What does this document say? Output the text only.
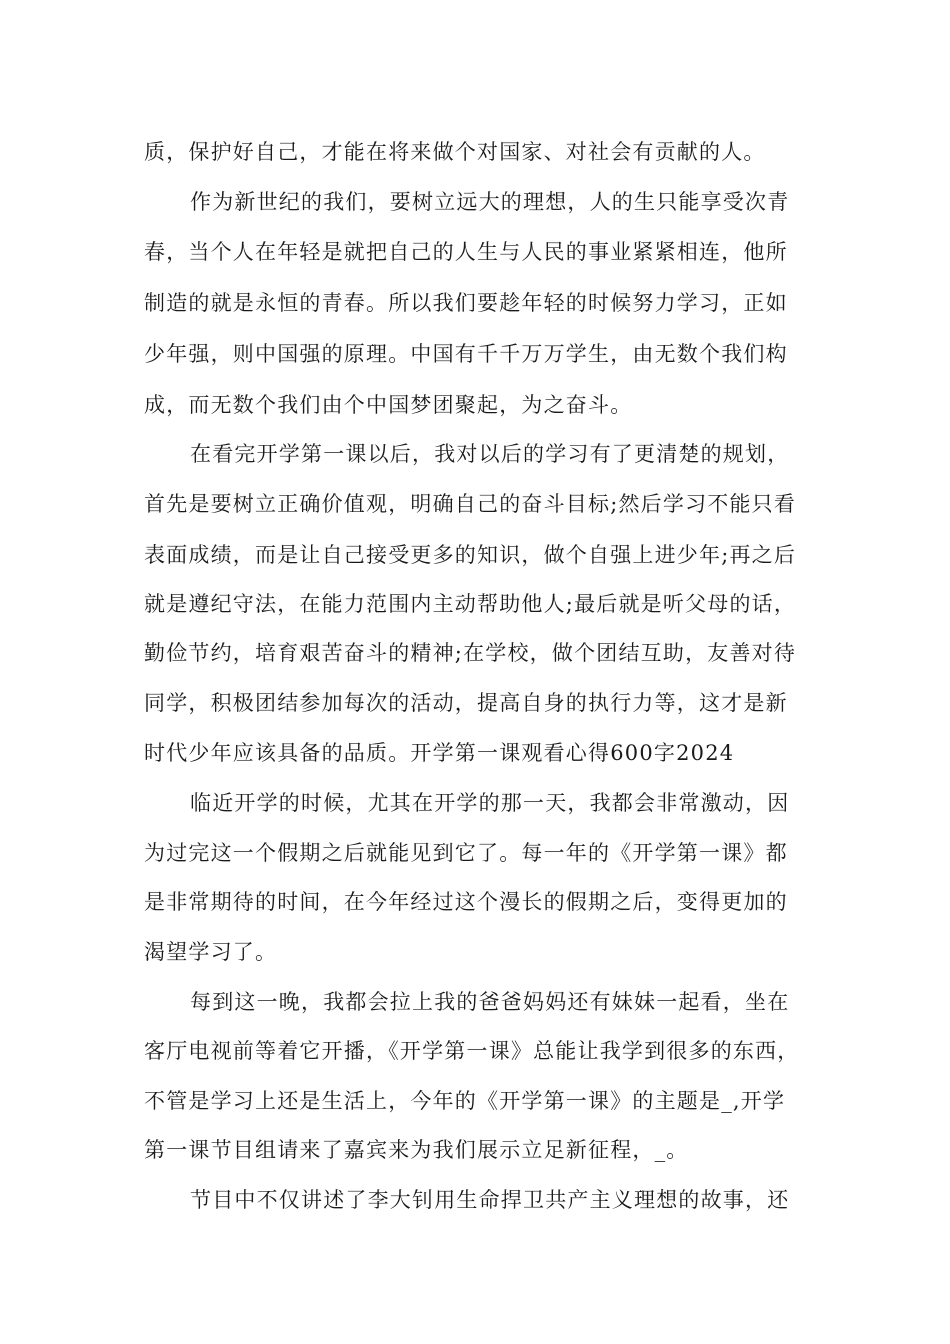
质，保护好自己，才能在将来做个对国家、对社会有贡献的人。
作为新世纪的我们，要树立远大的理想，人的生只能享受次青
春，当个人在年轻是就把自己的人生与人民的事业紧紧相连，他所
制造的就是永恒的青春。所以我们要趁年轻的时候努力学习，正如
少年强，则中国强的原理。中国有千千万万学生，由无数个我们构
成，而无数个我们由个中国梦团聚起，为之奋斗。
在看完开学第一课以后，我对以后的学习有了更清楚的规划，
首先是要树立正确价值观，明确自己的奋斗目标;然后学习不能只看
表面成绩，而是让自己接受更多的知识，做个自强上进少年;再之后
就是遵纪守法，在能力范围内主动帮助他人;最后就是听父母的话，
勤俭节约，培育艰苦奋斗的精神;在学校，做个团结互助，友善对待
同学，积极团结参加每次的活动，提高自身的执行力等，这才是新
时代少年应该具备的品质。开学第一课观看心得600字2024
临近开学的时候，尤其在开学的那一天，我都会非常激动，因
为过完这一个假期之后就能见到它了。每一年的《开学第一课》都
是非常期待的时间，在今年经过这个漫长的假期之后，变得更加的
渴望学习了。
每到这一晚，我都会拉上我的爸爸妈妈还有妹妹一起看，坐在
客厅电视前等着它开播，《开学第一课》总能让我学到很多的东西，
不管是学习上还是生活上，今年的《开学第一课》的主题是_,开学
第一课节目组请来了嘉宾来为我们展示立足新征程，_。
节目中不仅讲述了李大钊用生命捍卫共产主义理想的故事，还
